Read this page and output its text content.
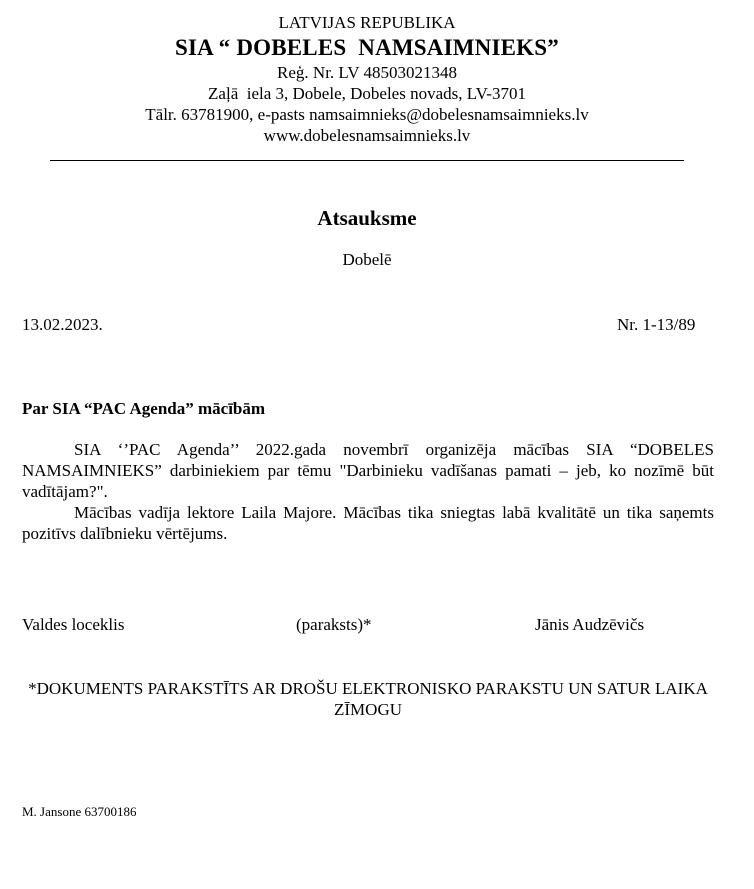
LATVIJAS REPUBLIKA
SIA “ DOBELES  NAMSAIMNIEKS”
Reģ. Nr. LV 48503021348
Zaļā  iela 3, Dobele, Dobeles novads, LV-3701
Tālr. 63781900, e-pasts namsaimnieks@dobelesnamsaimnieks.lv
www.dobelesnamsaimnieks.lv
Atsauksme
Dobelē
13.02.2023.	Nr. 1-13/89
Par SIA “PAC Agenda” mācībām

SIA ‘’PAC Agenda’’ 2022.gada novembrī organizēja mācības SIA “DOBELES NAMSAIMNIEKS” darbiniekiem par tēmu "Darbinieku vadīšanas pamati – jeb, ko nozīmē būt vadītājam?".

Mācības vadīja lektore Laila Majore. Mācības tika sniegtas labā kvalitātē un tika saņemts pozitīvs dalībnieku vērtējums.

Valdes loceklis	(paraksts)*	Jānis Audzēvičs
*DOKUMENTS PARAKSTĪTS AR DROŠU ELEKTRONISKO PARAKSTU UN SATUR LAIKA ZĪMOGU
M. Jansone 63700186
